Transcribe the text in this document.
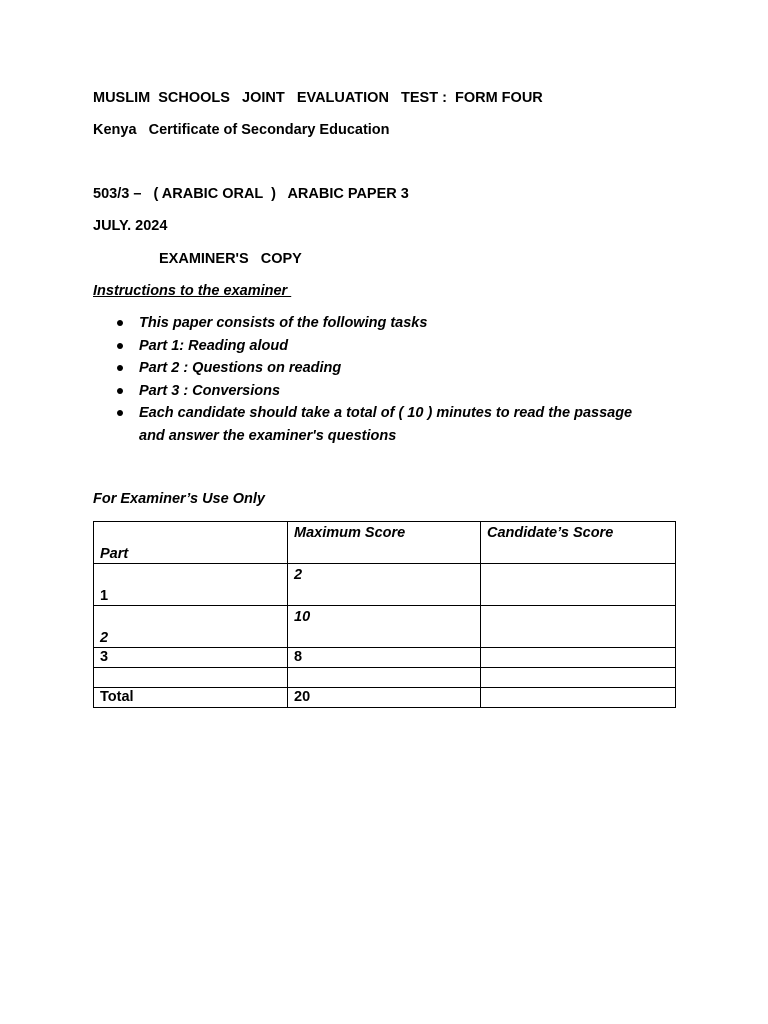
MUSLIM  SCHOOLS   JOINT   EVALUATION   TEST :  FORM FOUR
Kenya   Certificate of Secondary Education
503/3 –   ( ARABIC ORAL  )   ARABIC PAPER 3
JULY. 2024
EXAMINER'S   COPY
Instructions to the examiner
This paper consists of the following tasks
Part 1: Reading aloud
Part 2 : Questions on reading
Part 3 : Conversions
Each candidate should take a total of ( 10 ) minutes to read the passage and answer the examiner's questions
For Examiner’s Use Only
Part	Maximum Score	Candidate’s Score

1	2	

2	10	

3	8	

Total	20	
